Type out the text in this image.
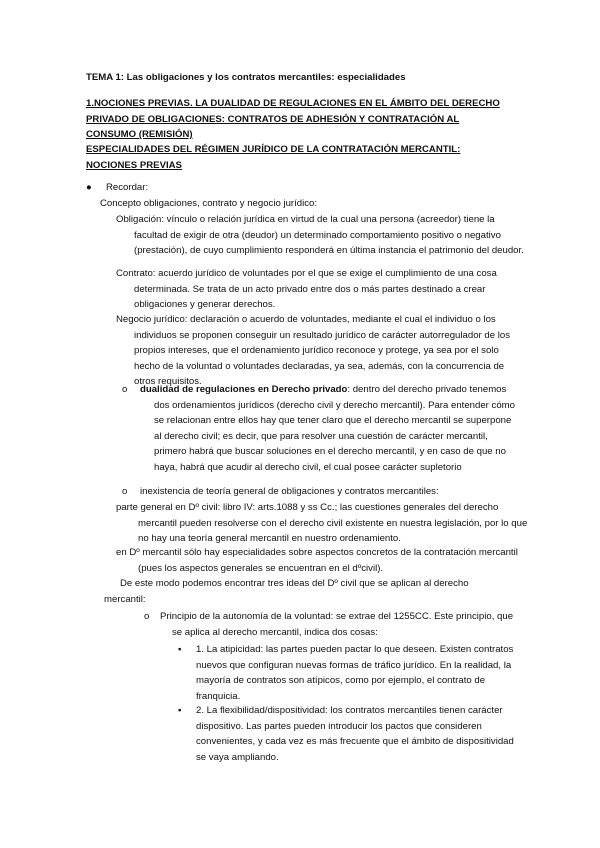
TEMA 1: Las obligaciones y los contratos mercantiles: especialidades
1.NOCIONES PREVIAS. LA DUALIDAD DE REGULACIONES EN EL ÁMBITO DEL DERECHO PRIVADO DE OBLIGACIONES: CONTRATOS DE ADHESIÓN Y CONTRATACIÓN AL CONSUMO (REMISIÓN)
ESPECIALIDADES DEL RÉGIMEN JURÍDICO DE LA CONTRATACIÓN MERCANTIL: NOCIONES PREVIAS
● Recordar:
Concepto obligaciones, contrato y negocio jurídico:
Obligación: vínculo o relación jurídica en virtud de la cual una persona (acreedor) tiene la facultad de exigir de otra (deudor) un determinado comportamiento positivo o negativo (prestación), de cuyo cumplimiento responderá en última instancia el patrimonio del deudor.
Contrato: acuerdo jurídico de voluntades por el que se exige el cumplimiento de una cosa determinada. Se trata de un acto privado entre dos o más partes destinado a crear obligaciones y generar derechos.
Negocio jurídico: declaración o acuerdo de voluntades, mediante el cual el individuo o los individuos se proponen conseguir un resultado jurídico de carácter autorregulador de los propios intereses, que el ordenamiento jurídico reconoce y protege, ya sea por el solo hecho de la voluntad o voluntades declaradas, ya sea, además, con la concurrencia de otros requisitos.
o dualidad de regulaciones en Derecho privado: dentro del derecho privado tenemos dos ordenamientos jurídicos (derecho civil y derecho mercantil). Para entender cómo se relacionan entre ellos hay que tener claro que el derecho mercantil se superpone al derecho civil; es decir, que para resolver una cuestión de carácter mercantil, primero habrá que buscar soluciones en el derecho mercantil, y en caso de que no haya, habrá que acudir al derecho civil, el cual posee carácter supletorio
o inexistencia de teoría general de obligaciones y contratos mercantiles:
parte general en Dº civil: libro IV: arts.1088 y ss Cc.; las cuestiones generales del derecho mercantil pueden resolverse con el derecho civil existente en nuestra legislación, por lo que no hay una teoría general mercantil en nuestro ordenamiento.
en Dº mercantil sólo hay especialidades sobre aspectos concretos de la contratación mercantil (pues los aspectos generales se encuentran en el dºcivil).
De este modo podemos encontrar tres ideas del Dº civil que se aplican al derecho mercantil:
o Principio de la autonomía de la voluntad: se extrae del 1255CC. Este principio, que se aplica al derecho mercantil, indica dos cosas:
▪ 1. La atipicidad: las partes pueden pactar lo que deseen. Existen contratos nuevos que configuran nuevas formas de tráfico jurídico. En la realidad, la mayoría de contratos son atípicos, como por ejemplo, el contrato de franquicia.
▪ 2. La flexibilidad/dispositividad: los contratos mercantiles tienen carácter dispositivo. Las partes pueden introducir los pactos que consideren convenientes, y cada vez es más frecuente que el ámbito de dispositividad se vaya ampliando.
